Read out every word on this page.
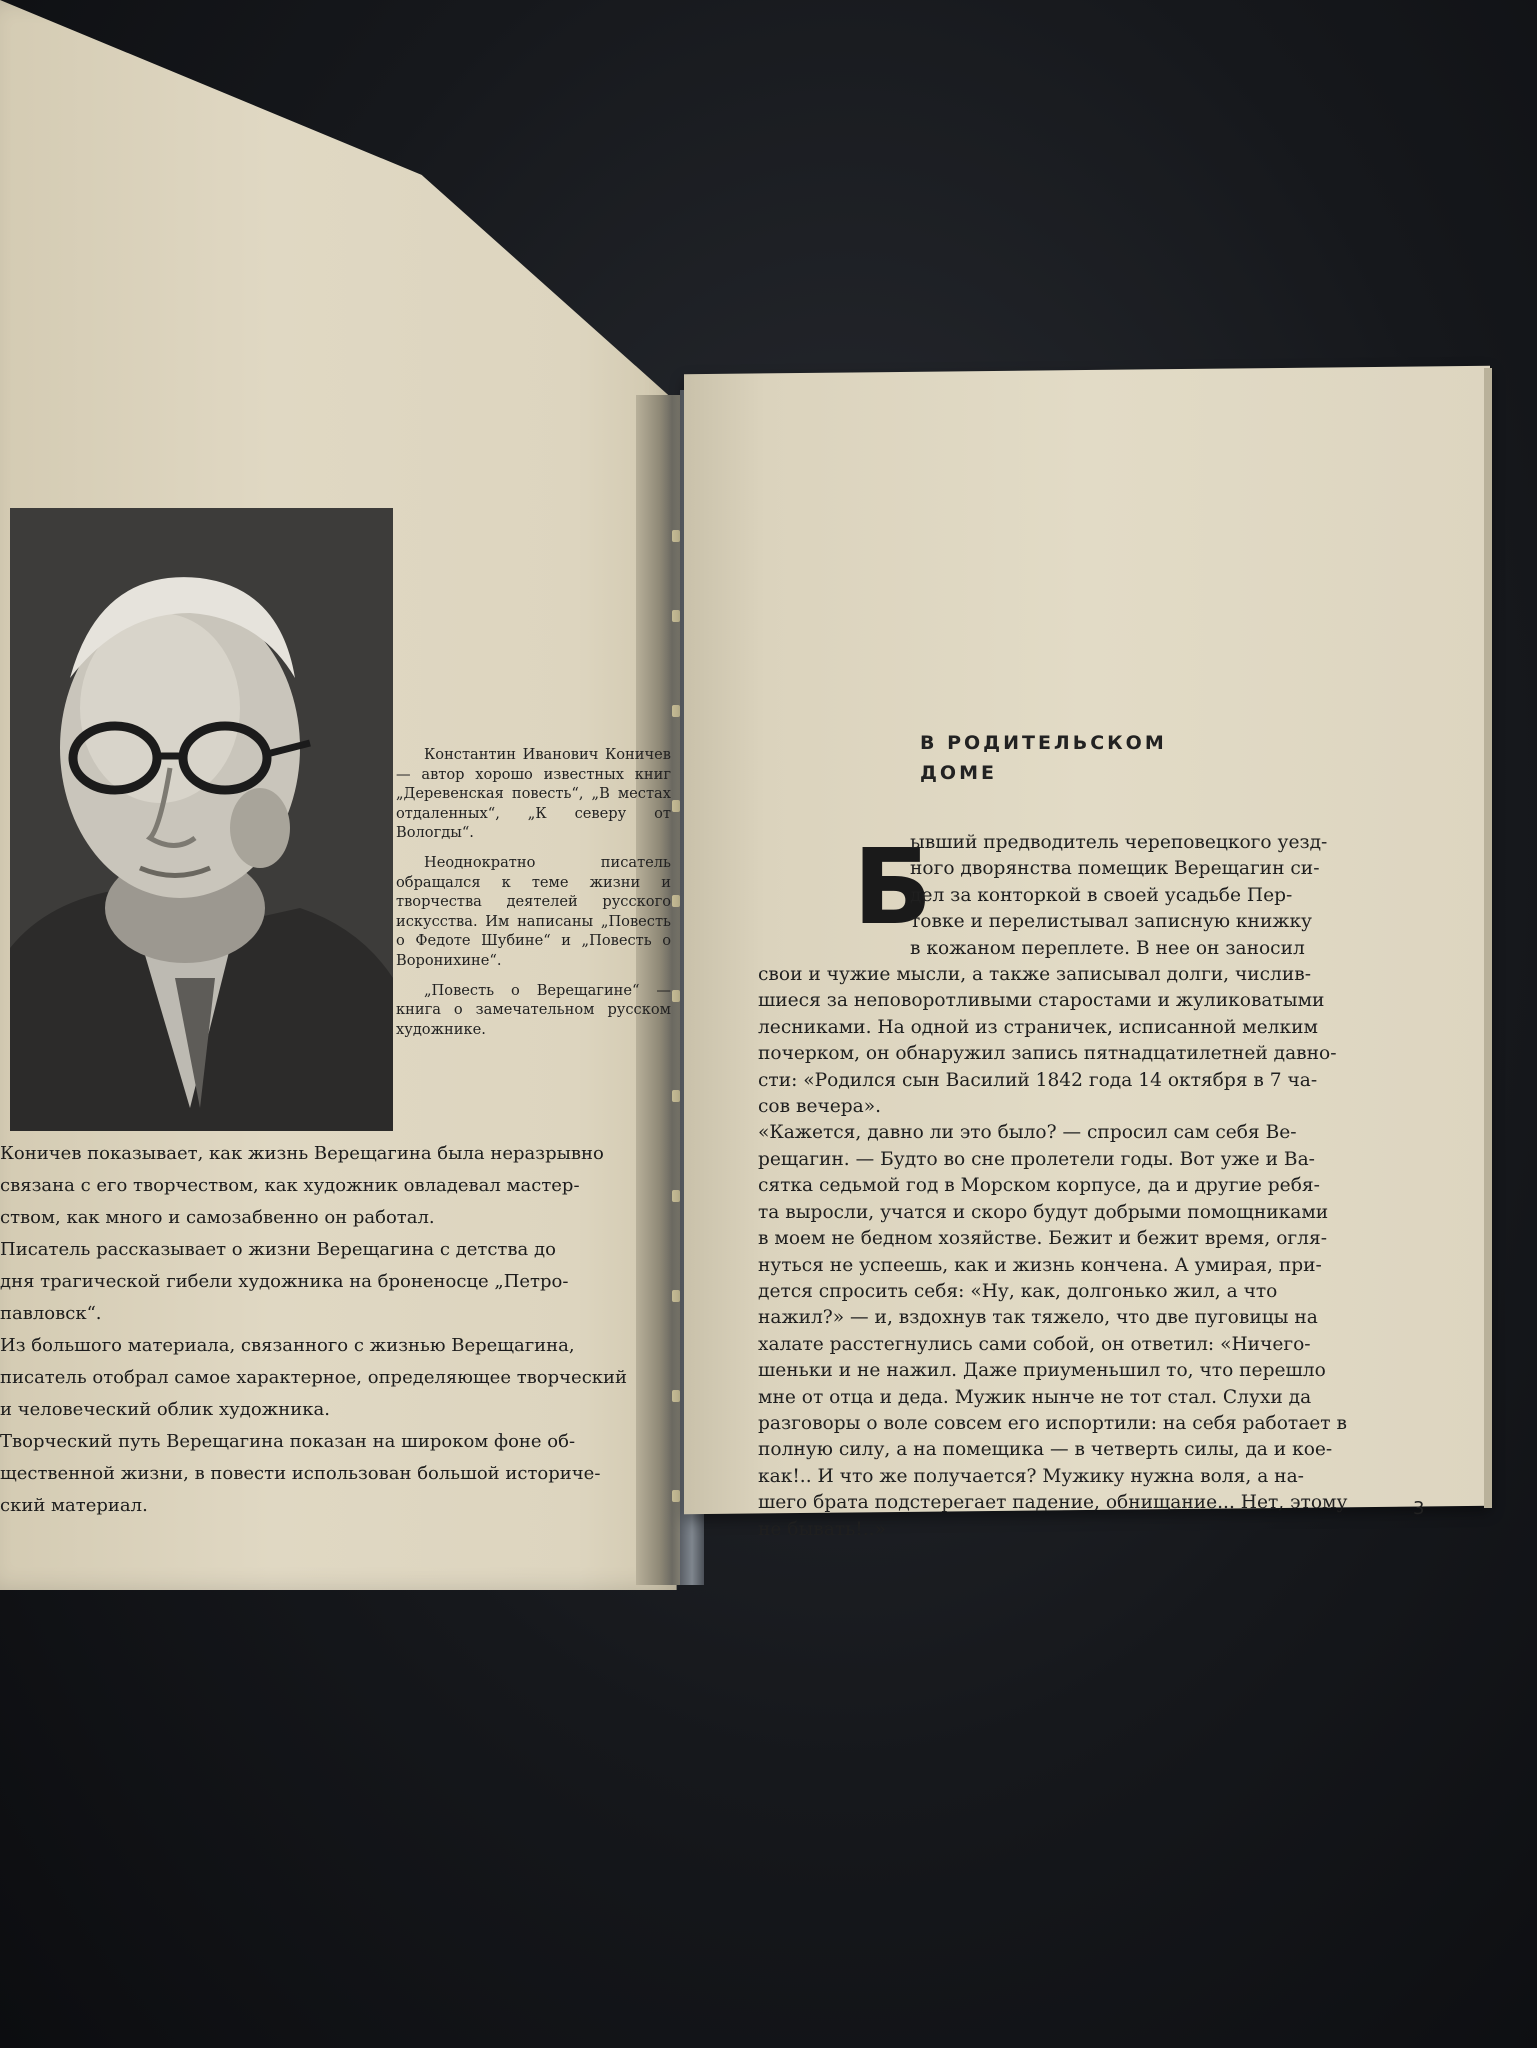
Константин Иванович Коничев — автор хорошо известных книг „Деревенская повесть“, „В местах отдаленных“, „К северу от Вологды“.

Неоднократно писатель обращался к теме жизни и творчества деятелей русского искусства. Им написаны „Повесть о Федоте Шубине“ и „Повесть о Воронихине“.

„Повесть о Верещагине“ — книга о замечательном русском художнике.

Коничев показывает, как жизнь Верещагина была неразрывно

связана с его творчеством, как художник овладевал мастер-

ством, как много и самозабвенно он работал.

Писатель рассказывает о жизни Верещагина с детства до

дня трагической гибели художника на броненосце „Петро-

павловск“.

Из большого материала, связанного с жизнью Верещагина,

писатель отобрал самое характерное, определяющее творческий

и человеческий облик художника.

Творческий путь Верещагина показан на широком фоне об-

щественной жизни, в повести использован большой историче-

ский материал.

В РОДИТЕЛЬСКОМ
ДОМЕ
Б
ывший предводитель череповецкого уезд-
ного дворянства помещик Верещагин си-
дел за конторкой в своей усадьбе Пер-
товке и перелистывал записную книжку
в кожаном переплете. В нее он заносил
свои и чужие мысли, а также записывал долги, числив-
шиеся за неповоротливыми старостами и жуликоватыми
лесниками. На одной из страничек, исписанной мелким
почерком, он обнаружил запись пятнадцатилетней давно-
сти: «Родился сын Василий 1842 года 14 октября в 7 ча-
сов вечера».
«Кажется, давно ли это было? — спросил сам себя Ве-
рещагин. — Будто во сне пролетели годы. Вот уже и Ва-
сятка седьмой год в Морском корпусе, да и другие ребя-
та выросли, учатся и скоро будут добрыми помощниками
в моем не бедном хозяйстве. Бежит и бежит время, огля-
нуться не успеешь, как и жизнь кончена. А умирая, при-
дется спросить себя: «Ну, как, долгонько жил, а что
нажил?» — и, вздохнув так тяжело, что две пуговицы на
халате расстегнулись сами собой, он ответил: «Ничего-
шеньки и не нажил. Даже приуменьшил то, что перешло
мне от отца и деда. Мужик нынче не тот стал. Слухи да
разговоры о воле совсем его испортили: на себя работает в
полную силу, а на помещика — в четверть силы, да и кое-
как!.. И что же получается? Мужику нужна воля, а на-
шего брата подстерегает падение, обнищание... Нет, этому
не бывать!..»
3
